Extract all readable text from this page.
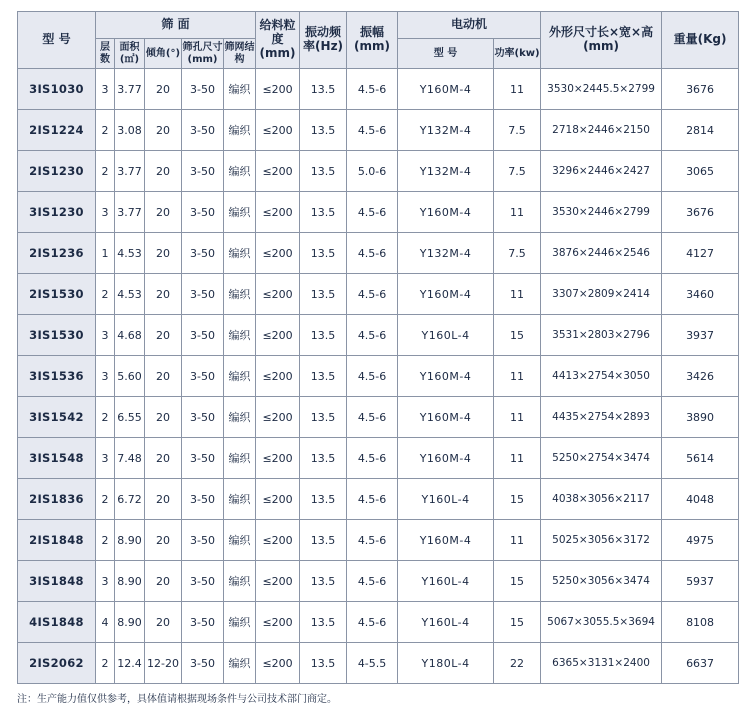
型 号	筛 面					给料粒度(mm)	振动频率(Hz)	振幅(mm)	电动机		外形尺寸长×宽×高(mm)	重量(Kg)

	层数	面积(㎡)	倾角(°)	筛孔尺寸(mm)	筛网结构				型 号	功率(kw)		

3IS1030	3	3.77	20	3-50	编织	≤200	13.5	4.5-6	Y160M-4	11	3530×2445.5×2799	3676
2IS1224	2	3.08	20	3-50	编织	≤200	13.5	4.5-6	Y132M-4	7.5	2718×2446×2150	2814
2IS1230	2	3.77	20	3-50	编织	≤200	13.5	5.0-6	Y132M-4	7.5	3296×2446×2427	3065
3IS1230	3	3.77	20	3-50	编织	≤200	13.5	4.5-6	Y160M-4	11	3530×2446×2799	3676
2IS1236	1	4.53	20	3-50	编织	≤200	13.5	4.5-6	Y132M-4	7.5	3876×2446×2546	4127
2IS1530	2	4.53	20	3-50	编织	≤200	13.5	4.5-6	Y160M-4	11	3307×2809×2414	3460
3IS1530	3	4.68	20	3-50	编织	≤200	13.5	4.5-6	Y160L-4	15	3531×2803×2796	3937
3IS1536	3	5.60	20	3-50	编织	≤200	13.5	4.5-6	Y160M-4	11	4413×2754×3050	3426
3IS1542	2	6.55	20	3-50	编织	≤200	13.5	4.5-6	Y160M-4	11	4435×2754×2893	3890
3IS1548	3	7.48	20	3-50	编织	≤200	13.5	4.5-6	Y160M-4	11	5250×2754×3474	5614
2IS1836	2	6.72	20	3-50	编织	≤200	13.5	4.5-6	Y160L-4	15	4038×3056×2117	4048
2IS1848	2	8.90	20	3-50	编织	≤200	13.5	4.5-6	Y160M-4	11	5025×3056×3172	4975
3IS1848	3	8.90	20	3-50	编织	≤200	13.5	4.5-6	Y160L-4	15	5250×3056×3474	5937
4IS1848	4	8.90	20	3-50	编织	≤200	13.5	4.5-6	Y160L-4	15	5067×3055.5×3694	8108
2IS2062	2	12.4	12-20	3-50	编织	≤200	13.5	4-5.5	Y180L-4	22	6365×3131×2400	6637
注：生产能力值仅供参考，具体值请根据现场条件与公司技术部门商定。
